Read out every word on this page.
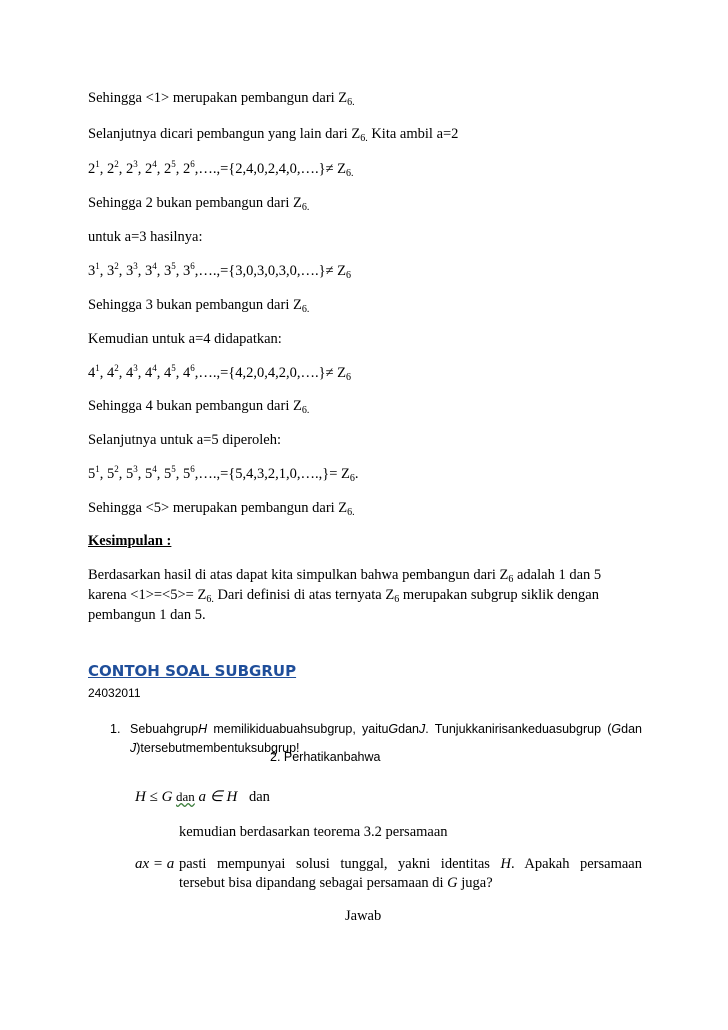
Sehingga <1> merupakan pembangun dari $Z_{6.}$
Selanjutnya dicari pembangun yang lain dari $Z_{6.}$ Kita ambil a=2
$2^1$, $2^2$, $2^3$, $2^4$, $2^5$, $2^6,\dots.,=\{2,4,0,2,4,0,\dots.\}\ne Z_{6.}$
Sehingga 2 bukan pembangun dari $Z_{6.}$
untuk a=3 hasilnya:
$3^1$, $3^2$, $3^3$, $3^4$, $3^5$, $3^6,\dots.,=\{3,0,3,0,3,0,\dots.\}\ne Z_6$
Sehingga 3 bukan pembangun dari $Z_{6.}$
Kemudian untuk a=4 didapatkan:
$4^1$, $4^2$, $4^3$, $4^4$, $4^5$, $4^6,\dots.,=\{4,2,0,4,2,0,\dots.\}\ne Z_6$
Sehingga 4 bukan pembangun dari $Z_{6.}$
Selanjutnya untuk a=5 diperoleh:
$5^1$, $5^2$, $5^3$, $5^4$, $5^5$, $5^6,\dots.,=\{5,4,3,2,1,0,\dots.,\}= Z_6$.
Sehingga <5> merupakan pembangun dari $Z_{6.}$
Kesimpulan :
Berdasarkan hasil di atas dapat kita simpulkan bahwa pembangun dari $Z_6$ adalah 1 dan 5
karena $<1>=<5>= Z_{6.}$ Dari definisi di atas ternyata $Z_6$ merupakan subgrup siklik dengan
pembangun 1 dan 5.
CONTOH SOAL SUBGRUP
24032011
1. SebuahgrupH memilikiduabuahsubgrup, yaituGdanJ. Tunjukkanirisankeduasubgrup (Gdan
J)tersebutmembentuksubgrup!
2. Perhatikanbahwa
H ≤ G dan a ∈ H dan
kemudian berdasarkan teorema 3.2 persamaan
ax = a pasti mempunyai solusi tunggal, yakni identitas H. Apakah persamaan
tersebut bisa dipandang sebagai persamaan di G juga?
Jawab
